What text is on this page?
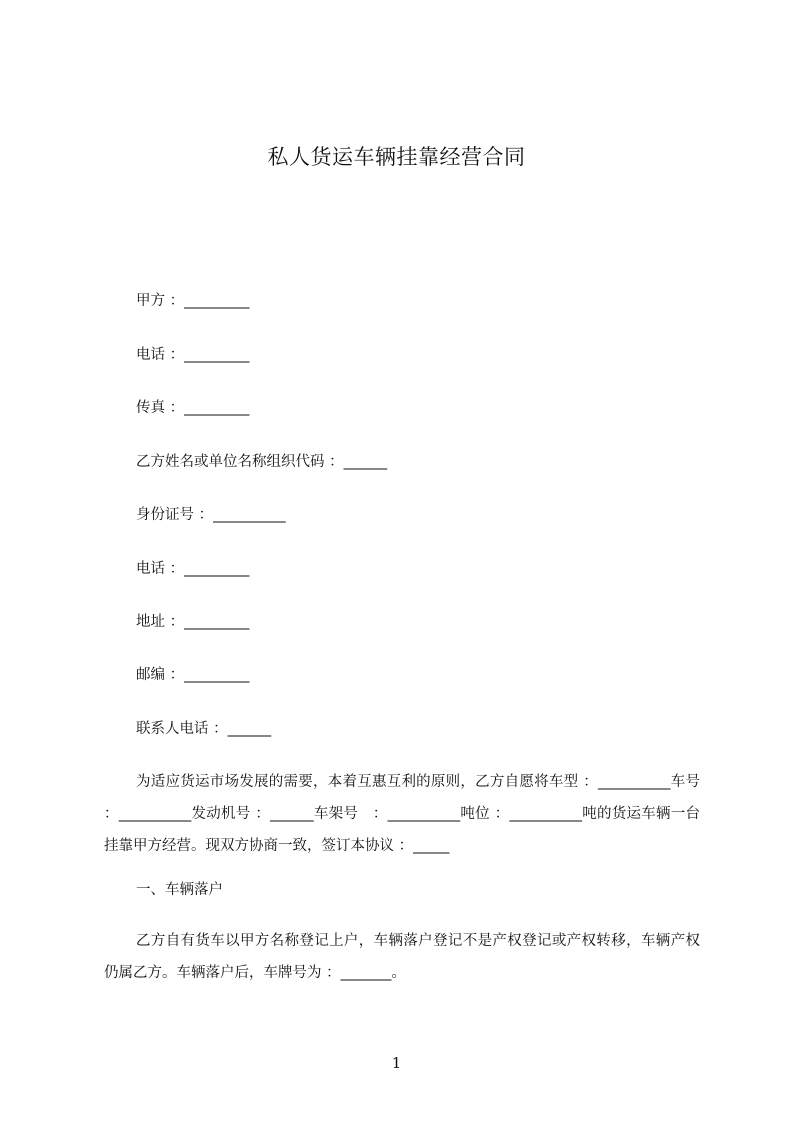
私人货运车辆挂靠经营合同
甲方 ：_________
电话 ：_________
传真 ：_________
乙方姓名或单位名称组织代码 ：______
身份证号 ：__________
电话 ：_________
地址 ：_________
邮编 ：_________
联系人电话 ：______
为适应货运市场发展的需要，本着互惠互利的原则，乙方自愿将车型 ：__________车号 ：__________发动机号 ：______车架号　：__________吨位 ：__________吨的货运车辆一台挂靠甲方经营。现双方协商一致，签订本协议 ：_____
一、车辆落户
乙方自有货车以甲方名称登记上户，车辆落户登记不是产权登记或产权转移，车辆产权仍属乙方。车辆落户后，车牌号为 ：_______。
1
